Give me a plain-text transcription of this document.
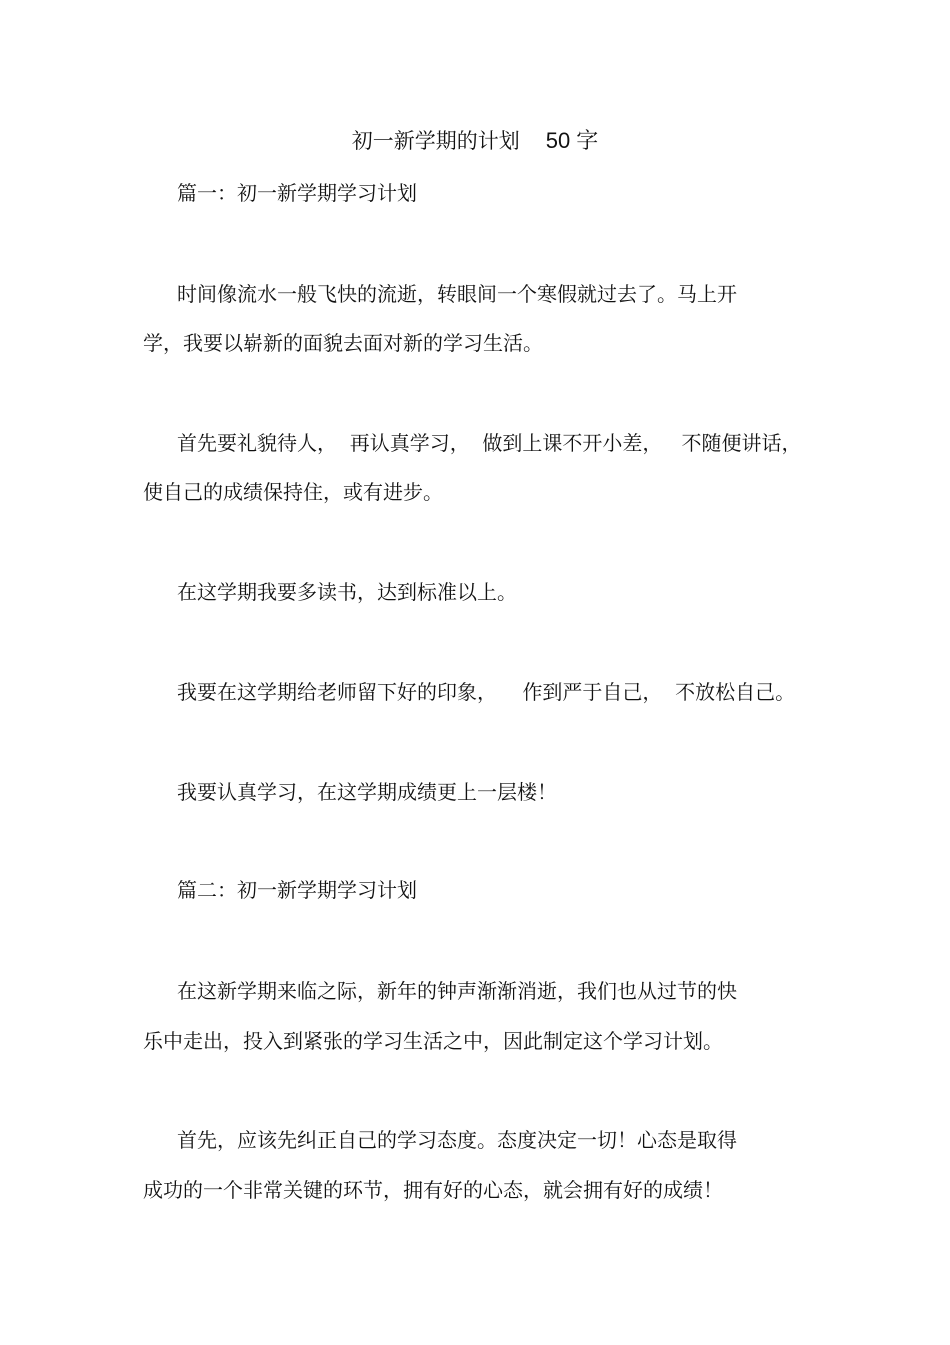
初一新学期的计划 50 字
篇一：初一新学期学习计划
时间像流水一般飞快的流逝，转眼间一个寒假就过去了。马上开
学，我要以崭新的面貌去面对新的学习生活。
首先要礼貌待人，  再认真学习，  做到上课不开小差，   不随便讲话，
使自己的成绩保持住，或有进步。
在这学期我要多读书，达到标准以上。
我要在这学期给老师留下好的印象，    作到严于自己，  不放松自己。
我要认真学习，在这学期成绩更上一层楼！
篇二：初一新学期学习计划
在这新学期来临之际，新年的钟声渐渐消逝，我们也从过节的快
乐中走出，投入到紧张的学习生活之中，因此制定这个学习计划。
首先，应该先纠正自己的学习态度。态度决定一切！心态是取得
成功的一个非常关键的环节，拥有好的心态，就会拥有好的成绩！
